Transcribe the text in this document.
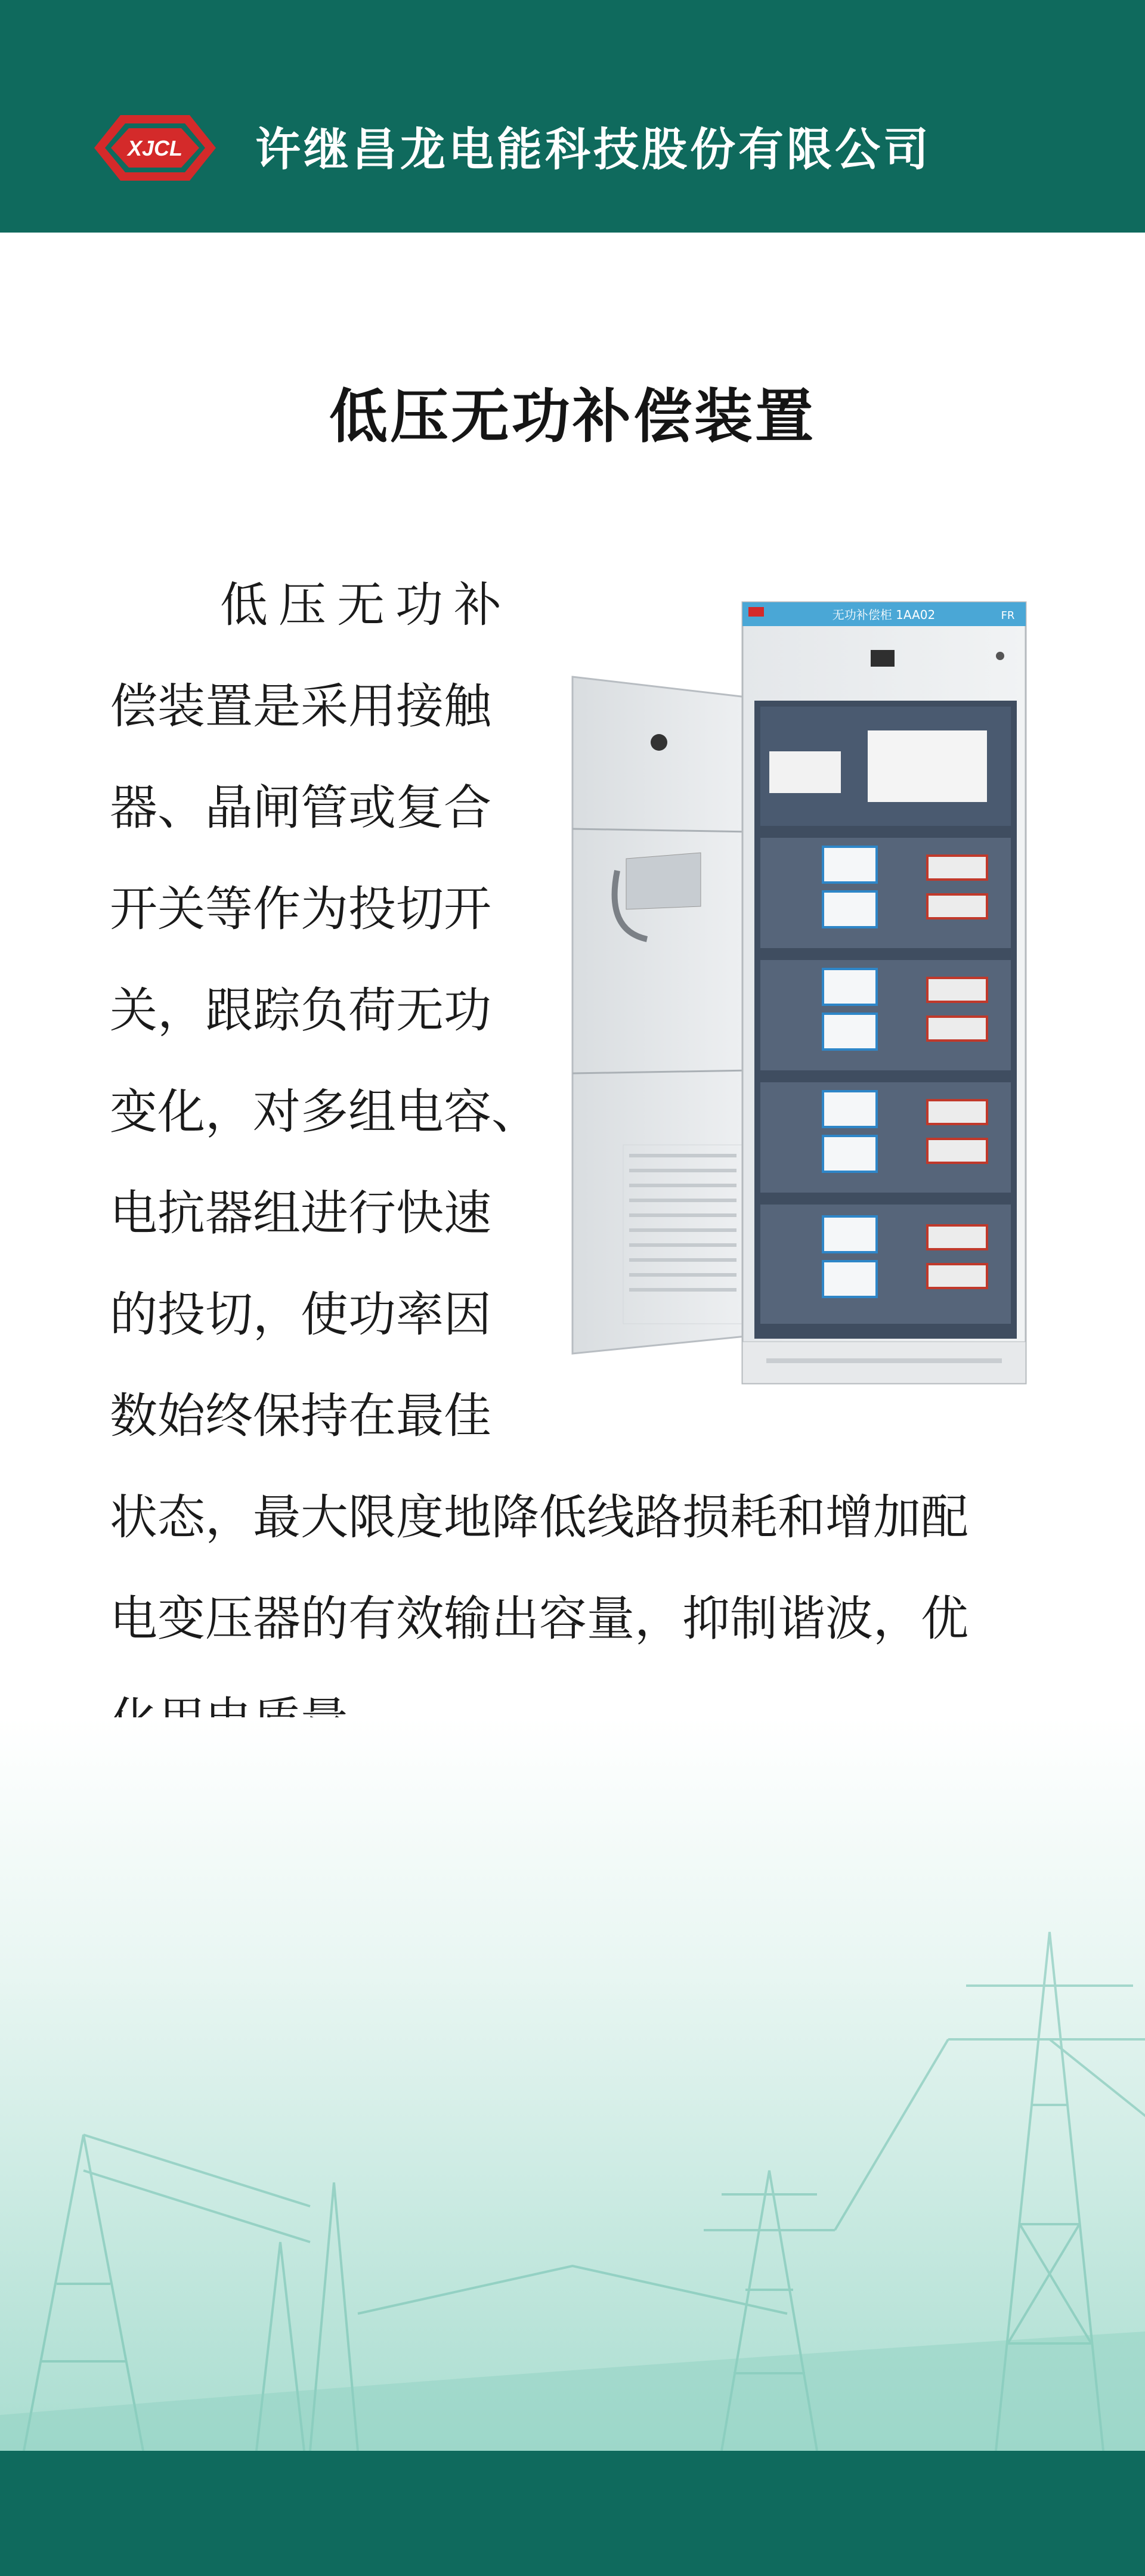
XJCL 许继昌龙电能科技股份有限公司
低压无功补偿装置
无功补偿柜 1AA02	FR
低压无功补
偿装置是采用接触
器、晶闸管或复合
开关等作为投切开
关，跟踪负荷无功
变化，对多组电容、
电抗器组进行快速
的投切，使功率因
数始终保持在最佳
状态，最大限度地降低线路损耗和增加配
电变压器的有效输出容量，抑制谐波，优
